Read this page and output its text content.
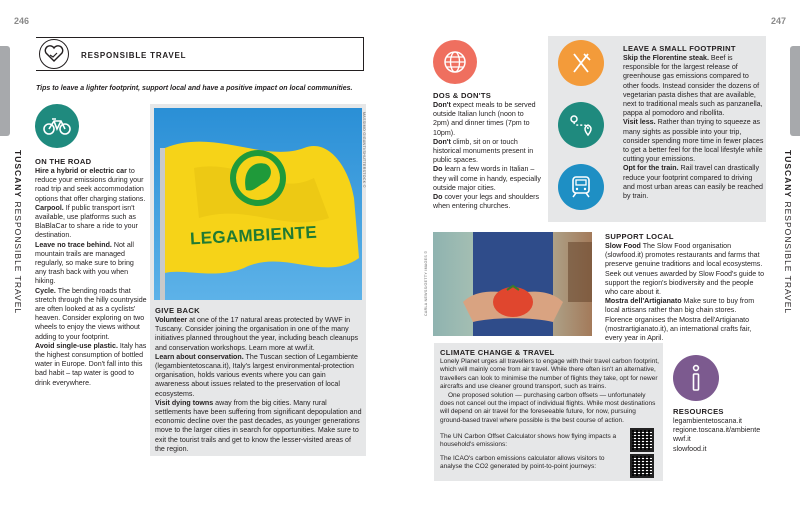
246	247
TUSCANY RESPONSIBLE TRAVEL
TUSCANY RESPONSIBLE TRAVEL
RESPONSIBLE TRAVEL
Tips to leave a lighter footprint, support local and have a positive impact on local communities.
ON THE ROAD

Hire a hybrid or electric car to reduce your emissions during your road trip and seek accommodation options that offer charging stations.

Carpool. If public transport isn't available, use platforms such as BlaBlaCar to share a ride to your destination.

Leave no trace behind. Not all mountain trails are managed regularly, so make sure to bring any trash back with you when hiking.

Cycle. The bending roads that stretch through the hilly countryside are often looked at as a cyclists' heaven. Consider exploring on two wheels to enjoy the views without adding to your footprint.

Avoid single-use plastic. Italy has the highest consumption of bottled water in Europe. Don't fall into this bad habit – tap water is good to drink everywhere.

LEGAMBIENTE
MASSIMO GIGANTI/SHUTTERSTOCK ©
GIVE BACK

Volunteer at one of the 17 natural areas protected by WWF in Tuscany. Consider joining the organisation in one of the many initiatives planned throughout the year, including beach cleanups and conservation workshops. Learn more at wwf.it.

Learn about conservation. The Tuscan section of Legambiente (legambientetoscana.it), Italy's largest environmental-protection organisation, holds various events where you can gain awareness about issues related to the preservation of local ecosystems.

Visit dying towns away from the big cities. Many rural settlements have been suffering from significant depopulation and economic decline over the past decades, as younger generations move to the larger cities in search for opportunities. Make sure to exit the tourist trails and get to know the lesser-visited areas of the region.

DOS & DON'TS

Don't expect meals to be served outside Italian lunch (noon to 2pm) and dinner times (7pm to 10pm).

Don't climb, sit on or touch historical monuments present in public spaces.

Do learn a few words in Italian – they will come in handy, especially outside major cities.

Do cover your legs and shoulders when entering churches.

LEAVE A SMALL FOOTPRINT

Skip the Florentine steak. Beef is responsible for the largest release of greenhouse gas emissions compared to other foods. Instead consider the dozens of vegetarian pasta dishes that are available, next to traditional meals such as panzanella, pappa al pomodoro and ribollita.

Visit less. Rather than trying to squeeze as many sights as possible into your trip, consider spending more time in fewer places to get a better feel for the local lifestyle while cutting your emissions.

Opt for the train. Rail travel can drastically reduce your footprint compared to driving and most urban areas can easily be reached by train.

CARLA NEWSS/GETTY IMAGES ©
SUPPORT LOCAL

Slow Food The Slow Food organisation (slowfood.it) promotes restaurants and farms that preserve genuine traditions and local ecosystems. Seek out venues awarded by Slow Food's guide to support the region's biodiversity and the people who care about it.

Mostra dell'Artigianato Make sure to buy from local artisans rather than big chain stores. Florence organises the Mostra dell'Artigianato (mostrartigianato.it), an international crafts fair, every year in April.

CLIMATE CHANGE & TRAVEL

Lonely Planet urges all travellers to engage with their travel carbon footprint, which will mainly come from air travel. While there often isn't an alternative, travellers can look to minimise the number of flights they take, opt for newer aircrafts and use cleaner ground transport, such as trains.

One proposed solution — purchasing carbon offsets — unfortunately does not cancel out the impact of individual flights. While most destinations will depend on air travel for the foreseeable future, for now, pursuing ground-based travel where possible is the best course of action.

The UN Carbon Offset Calculator shows how flying impacts a household's emissions:
The ICAO's carbon emissions calculator allows visitors to analyse the CO2 generated by point-to-point journeys:
RESOURCES

legambientetoscana.it

regione.toscana.it/ambiente

wwf.it

slowfood.it
